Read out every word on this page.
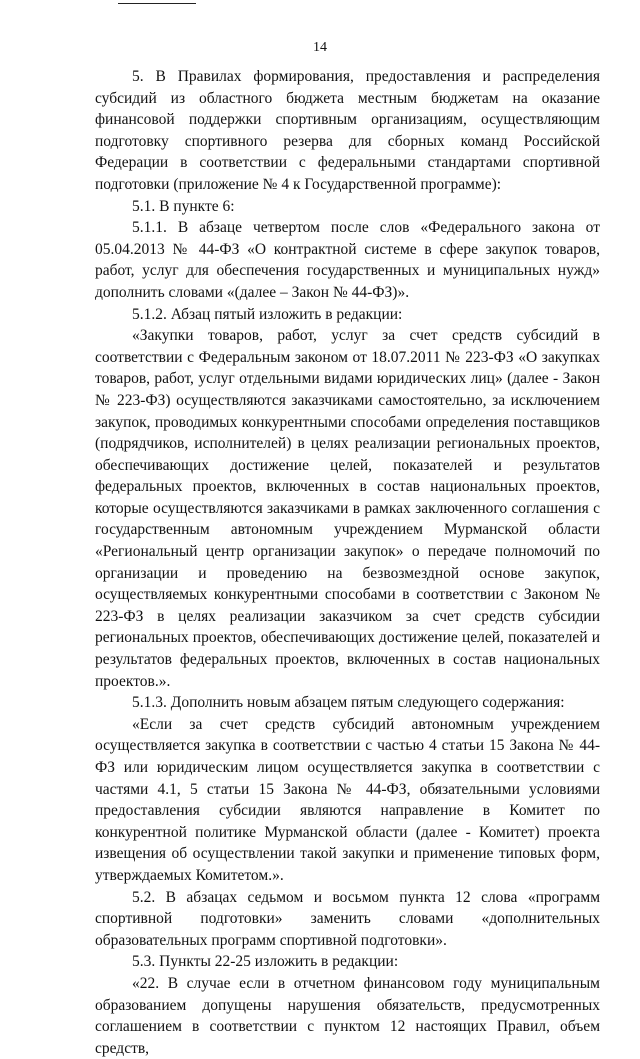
14

5. В Правилах формирования, предоставления и распределения субсидий из областного бюджета местным бюджетам на оказание финансовой поддержки спортивным организациям, осуществляющим подготовку спортивного резерва для сборных команд Российской Федерации в соответствии с федеральными стандартами спортивной подготовки (приложение № 4 к Государственной программе):

5.1. В пункте 6:

5.1.1. В абзаце четвертом после слов «Федерального закона от 05.04.2013 № 44-ФЗ «О контрактной системе в сфере закупок товаров, работ, услуг для обеспечения государственных и муниципальных нужд» дополнить словами «(далее – Закон № 44-ФЗ)».

5.1.2. Абзац пятый изложить в редакции:

«Закупки товаров, работ, услуг за счет средств субсидий в соответствии с Федеральным законом от 18.07.2011 № 223-ФЗ «О закупках товаров, работ, услуг отдельными видами юридических лиц» (далее - Закон № 223-ФЗ) осуществляются заказчиками самостоятельно, за исключением закупок, проводимых конкурентными способами определения поставщиков (подрядчиков, исполнителей) в целях реализации региональных проектов, обеспечивающих достижение целей, показателей и результатов федеральных проектов, включенных в состав национальных проектов, которые осуществляются заказчиками в рамках заключенного соглашения с государственным автономным учреждением Мурманской области «Региональный центр организации закупок» о передаче полномочий по организации и проведению на безвозмездной основе закупок, осуществляемых конкурентными способами в соответствии с Законом № 223-ФЗ в целях реализации заказчиком за счет средств субсидии региональных проектов, обеспечивающих достижение целей, показателей и результатов федеральных проектов, включенных в состав национальных проектов.».

5.1.3. Дополнить новым абзацем пятым следующего содержания:

«Если за счет средств субсидий автономным учреждением осуществляется закупка в соответствии с частью 4 статьи 15 Закона № 44-ФЗ или юридическим лицом осуществляется закупка в соответствии с частями 4.1, 5 статьи 15 Закона № 44-ФЗ, обязательными условиями предоставления субсидии являются направление в Комитет по конкурентной политике Мурманской области (далее - Комитет) проекта извещения об осуществлении такой закупки и применение типовых форм, утверждаемых Комитетом.».

5.2. В абзацах седьмом и восьмом пункта 12 слова «программ спортивной подготовки» заменить словами «дополнительных образовательных программ спортивной подготовки».

5.3. Пункты 22-25 изложить в редакции:

«22. В случае если в отчетном финансовом году муниципальным образованием допущены нарушения обязательств, предусмотренных соглашением в соответствии с пунктом 12 настоящих Правил, объем средств,
